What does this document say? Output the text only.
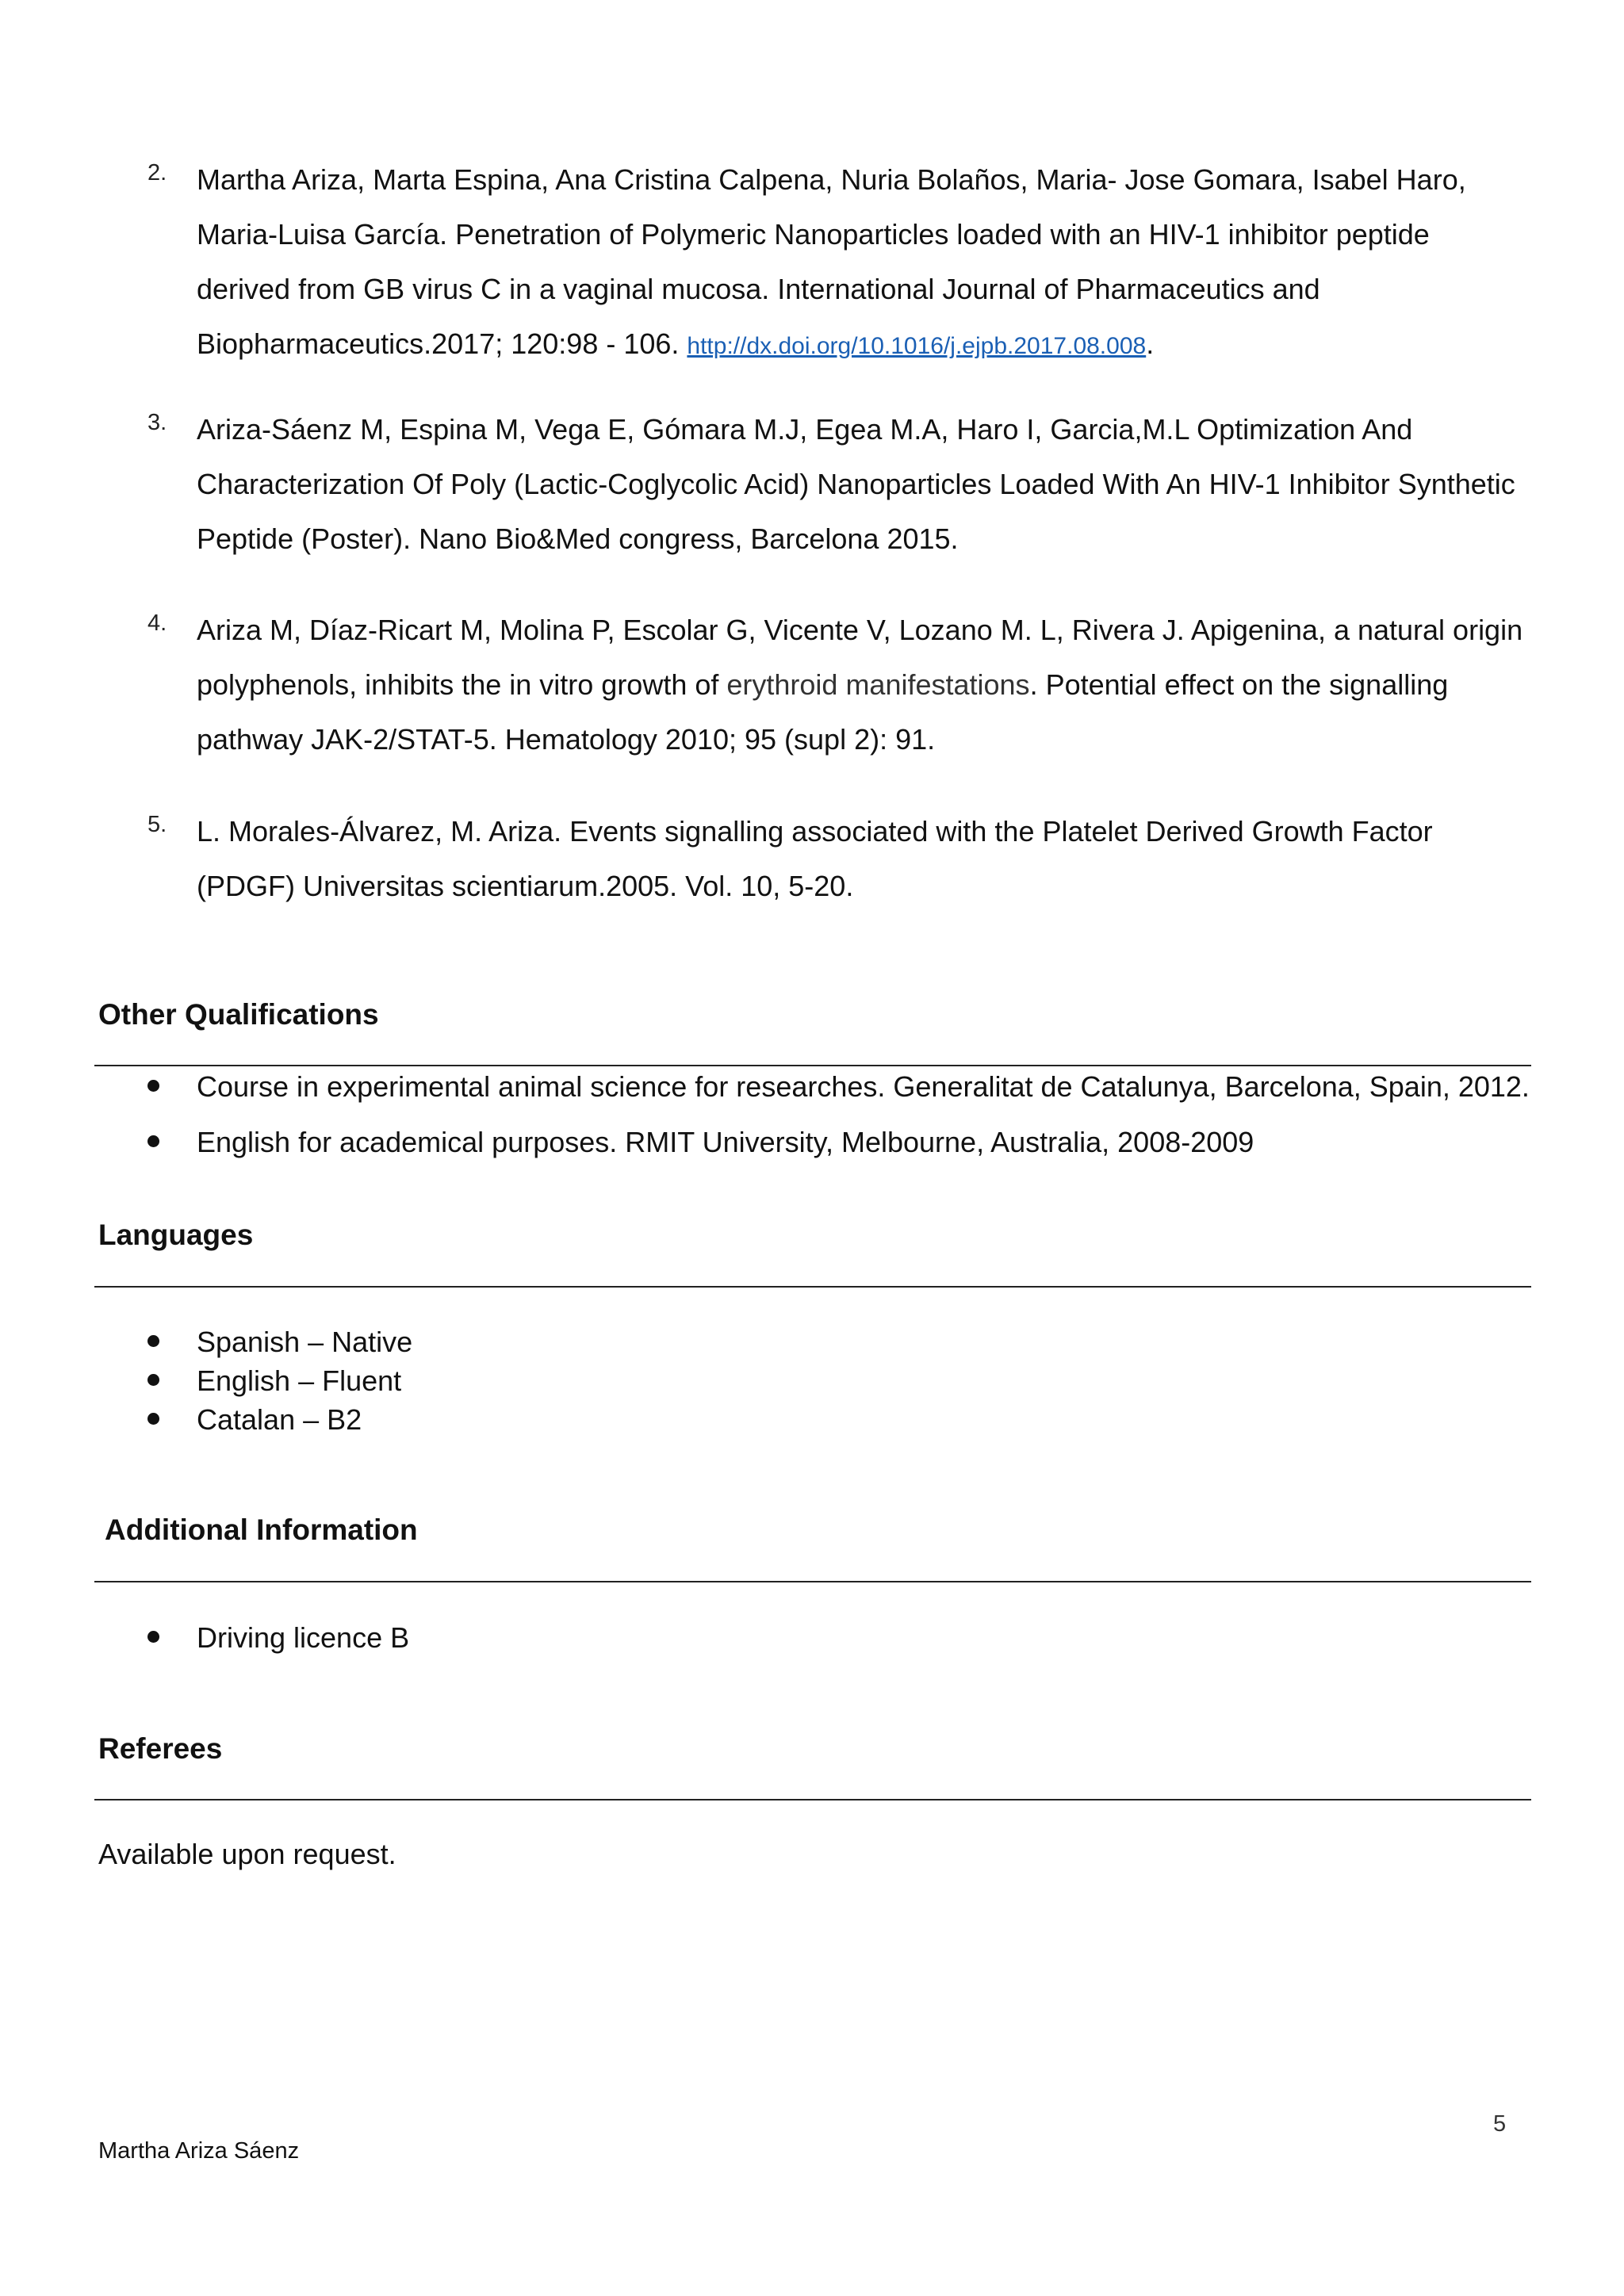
2. Martha Ariza, Marta Espina, Ana Cristina Calpena, Nuria Bolaños, Maria- Jose Gomara, Isabel Haro, Maria-Luisa García. Penetration of Polymeric Nanoparticles loaded with an HIV-1 inhibitor peptide derived from GB virus C in a vaginal mucosa. International Journal of Pharmaceutics and Biopharmaceutics.2017; 120:98 - 106. http://dx.doi.org/10.1016/j.ejpb.2017.08.008.
3. Ariza-Sáenz M, Espina M, Vega E, Gómara M.J, Egea M.A, Haro I, Garcia,M.L Optimization And Characterization Of Poly (Lactic-Coglycolic Acid) Nanoparticles Loaded With An HIV-1 Inhibitor Synthetic Peptide (Poster). Nano Bio&Med congress, Barcelona 2015.
4. Ariza M, Díaz-Ricart M, Molina P, Escolar G, Vicente V, Lozano M. L, Rivera J. Apigenina, a natural origin polyphenols, inhibits the in vitro growth of erythroid manifestations. Potential effect on the signalling pathway JAK-2/STAT-5. Hematology 2010; 95 (supl 2): 91.
5. L. Morales-Álvarez, M. Ariza. Events signalling associated with the Platelet Derived Growth Factor (PDGF) Universitas scientiarum.2005. Vol. 10, 5-20.
Other Qualifications
Course in experimental animal science for researches. Generalitat de Catalunya, Barcelona, Spain, 2012.
English for academical purposes. RMIT University, Melbourne, Australia, 2008-2009
Languages
Spanish – Native
English – Fluent
Catalan – B2
Additional Information
Driving licence B
Referees
Available upon request.
5
Martha Ariza Sáenz
